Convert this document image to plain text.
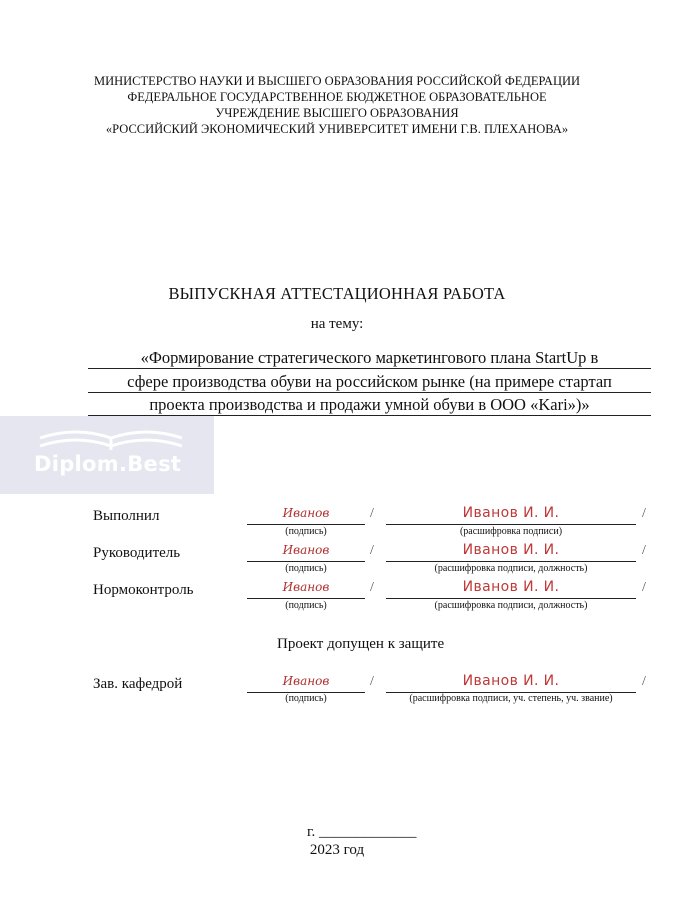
МИНИСТЕРСТВО НАУКИ И ВЫСШЕГО ОБРАЗОВАНИЯ РОССИЙСКОЙ ФЕДЕРАЦИИ
ФЕДЕРАЛЬНОЕ ГОСУДАРСТВЕННОЕ БЮДЖЕТНОЕ ОБРАЗОВАТЕЛЬНОЕ
УЧРЕЖДЕНИЕ ВЫСШЕГО ОБРАЗОВАНИЯ
«РОССИЙСКИЙ ЭКОНОМИЧЕСКИЙ УНИВЕРСИТЕТ ИМЕНИ Г.В. ПЛЕХАНОВА»
ВЫПУСКНАЯ АТТЕСТАЦИОННАЯ РАБОТА
на тему:
«Формирование стратегического маркетингового плана StartUp в
сфере производства обуви на российском рынке (на примере стартап
проекта производства и продажи умной обуви в ООО «Kari»)»
Diplom.Best
Выполнил	Иванов	/	Иванов И. И.	/
(подпись)	(расшифровка подписи)
Руководитель	Иванов	/	Иванов И. И.	/
(подпись)	(расшифровка подписи, должность)
Нормоконтроль	Иванов	/	Иванов И. И.	/
(подпись)	(расшифровка подписи, должность)
Проект допущен к защите
Зав. кафедрой	Иванов	/	Иванов И. И.	/
(подпись)	(расшифровка подписи, уч. степень, уч. звание)
г. _____________
2023 год
